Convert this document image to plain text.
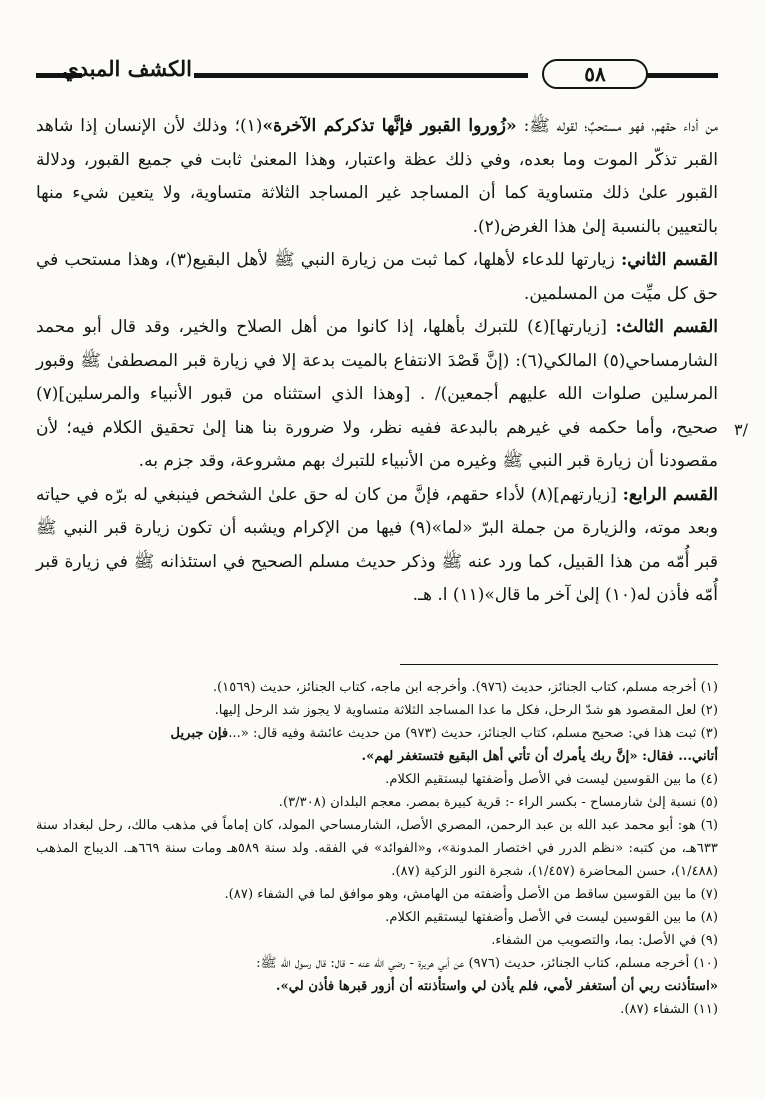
الكشف المبدي	٥٨

من أداء حقهم، فهو مستحبٌ؛ لقوله ﷺ: «زُوروا القبور فإنَّها تذكركم الآخرة»(١)؛ وذلك لأن الإنسان إذا شاهد القبر تذكّر الموت وما بعده، وفي ذلك عظة واعتبار، وهذا المعنىٰ ثابت في جميع القبور، ودلالة القبور علىٰ ذلك متساوية كما أن المساجد غير المساجد الثلاثة متساوية، ولا يتعين شيء منها بالتعيين بالنسبة إلىٰ هذا الغرض(٢).

القسم الثاني: زيارتها للدعاء لأهلها، كما ثبت من زيارة النبي ﷺ لأهل البقيع(٣)، وهذا مستحب في حق كل ميِّت من المسلمين.

القسم الثالث: [زيارتها](٤) للتبرك بأهلها، إذا كانوا من أهل الصلاح والخير، وقد قال أبو محمد الشارمساحي(٥) المالكي(٦): (إنَّ قَصْدَ الانتفاع بالميت بدعة إلا في زيارة قبر المصطفىٰ ﷺ وقبور المرسلين صلوات الله عليهم أجمعين)/ . [وهذا الذي استثناه من قبور الأنبياء والمرسلين](٧) صحيح، وأما حكمه في غيرهم بالبدعة ففيه نظر، ولا ضرورة بنا هنا إلىٰ تحقيق الكلام فيه؛ لأن مقصودنا أن زيارة قبر النبي ﷺ وغيره من الأنبياء للتبرك بهم مشروعة، وقد جزم به.

القسم الرابع: [زيارتهم](٨) لأداء حقهم، فإنَّ من كان له حق علىٰ الشخص فينبغي له برّه في حياته وبعد موته، والزيارة من جملة البرّ «لما»(٩) فيها من الإكرام ويشبه أن تكون زيارة قبر النبي ﷺ قبر أُمّه من هذا القبيل، كما ورد عنه ﷺ وذكر حديث مسلم الصحيح في استئذانه ﷺ في زيارة قبر أُمّه فأذن له(١٠) إلىٰ آخر ما قال»(١١) ا. هـ.

٣/

(١) أخرجه مسلم، كتاب الجنائز، حديث (٩٧٦). وأخرجه ابن ماجه، كتاب الجنائز، حديث (١٥٦٩).

(٢) لعل المقصود هو شدّ الرحل، فكل ما عدا المساجد الثلاثة متساوية لا يجوز شد الرحل إليها.

(٣) ثبت هذا في: صحيح مسلم، كتاب الجنائز، حديث (٩٧٣) من حديث عائشة وفيه قال: «...فإن جبريل
أتاني... فقال: «إنَّ ربك يأمرك أن تأتي أهل البقيع فتستغفر لهم».

(٤) ما بين القوسين ليست في الأصل وأضفتها ليستقيم الكلام.

(٥) نسبة إلىٰ شارمساح - بكسر الراء -: قرية كبيرة بمصر. معجم البلدان (٣/٣٠٨).

(٦) هو: أبو محمد عبد الله بن عبد الرحمن، المصري الأصل، الشارمساحي المولد، كان إماماً في مذهب مالك، رحل لبغداد سنة ٦٣٣هـ، من كتبه: «نظم الدرر في اختصار المدونة»، و«الفوائد» في الفقه. ولد سنة ٥٨٩هـ ومات سنة ٦٦٩هـ. الديباج المذهب (١/٤٨٨)، حسن المحاضرة (١/٤٥٧)، شجرة النور الزكية (٨٧).

(٧) ما بين القوسين ساقط من الأصل وأضفته من الهامش، وهو موافق لما في الشفاء (٨٧).

(٨) ما بين القوسين ليست في الأصل وأضفتها ليستقيم الكلام.

(٩) في الأصل: بما، والتصويب من الشفاء.

(١٠) أخرجه مسلم، كتاب الجنائز، حديث (٩٧٦) عن أبي هريرة - رضي الله عنه - قال: قال رسول الله ﷺ:
«استأذنت ربي أن أستغفر لأمي، فلم يأذن لي واستأذنته أن أزور قبرها فأذن لي».

(١١) الشفاء (٨٧).
